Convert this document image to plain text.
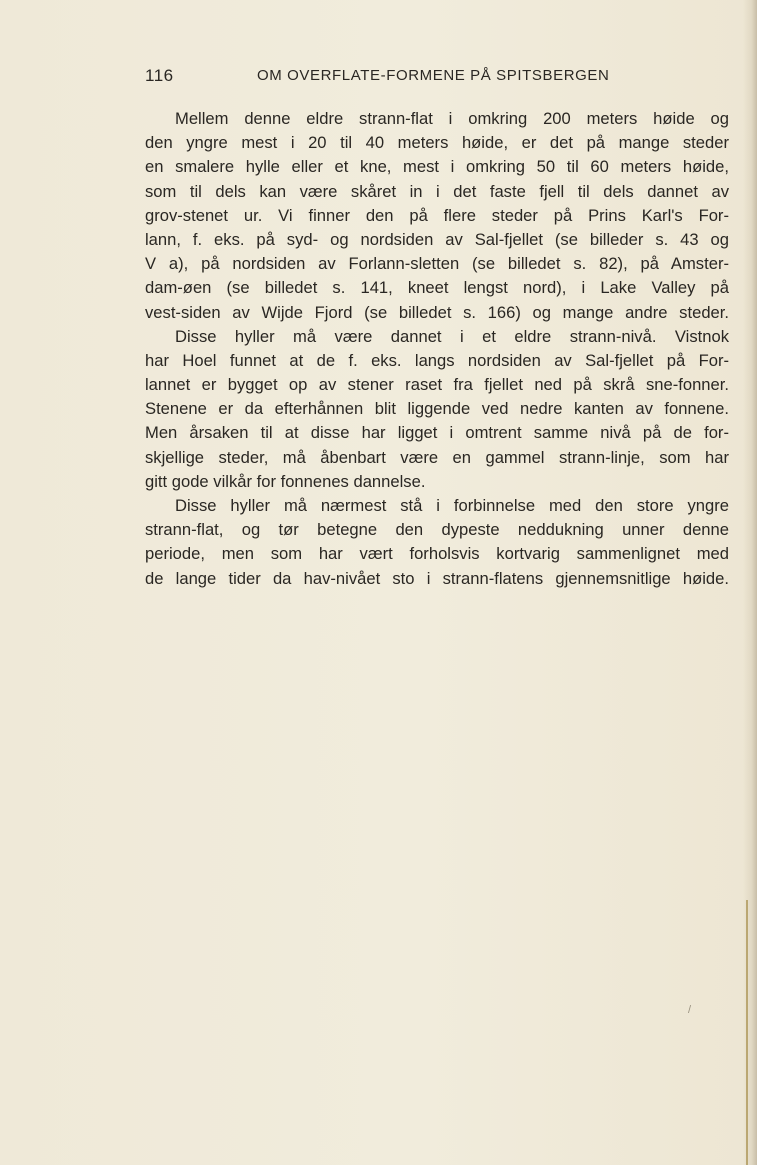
116	OM OVERFLATE-FORMENE PÅ SPITSBERGEN
Mellem denne eldre strann-flat i omkring 200 meters høide og
den yngre mest i 20 til 40 meters høide, er det på mange steder
en smalere hylle eller et kne, mest i omkring 50 til 60 meters høide,
som til dels kan være skåret in i det faste fjell til dels dannet av
grov-stenet ur. Vi finner den på flere steder på Prins Karl's For-
lann, f. eks. på syd- og nordsiden av Sal-fjellet (se billeder s. 43 og
V a), på nordsiden av Forlann-sletten (se billedet s. 82), på Amster-
dam-øen (se billedet s. 141, kneet lengst nord), i Lake Valley på
vest-siden av Wijde Fjord (se billedet s. 166) og mange andre steder.
Disse hyller må være dannet i et eldre strann-nivå. Vistnok
har Hoel funnet at de f. eks. langs nordsiden av Sal-fjellet på For-
lannet er bygget op av stener raset fra fjellet ned på skrå sne-fonner.
Stenene er da efterhånnen blit liggende ved nedre kanten av fonnene.
Men årsaken til at disse har ligget i omtrent samme nivå på de for-
skjellige steder, må åbenbart være en gammel strann-linje, som har
gitt gode vilkår for fonnenes dannelse.
Disse hyller må nærmest stå i forbinnelse med den store yngre
strann-flat, og tør betegne den dypeste neddukning unner denne
periode, men som har vært forholsvis kortvarig sammenlignet med
de lange tider da hav-nivået sto i strann-flatens gjennemsnitlige høide.
/
